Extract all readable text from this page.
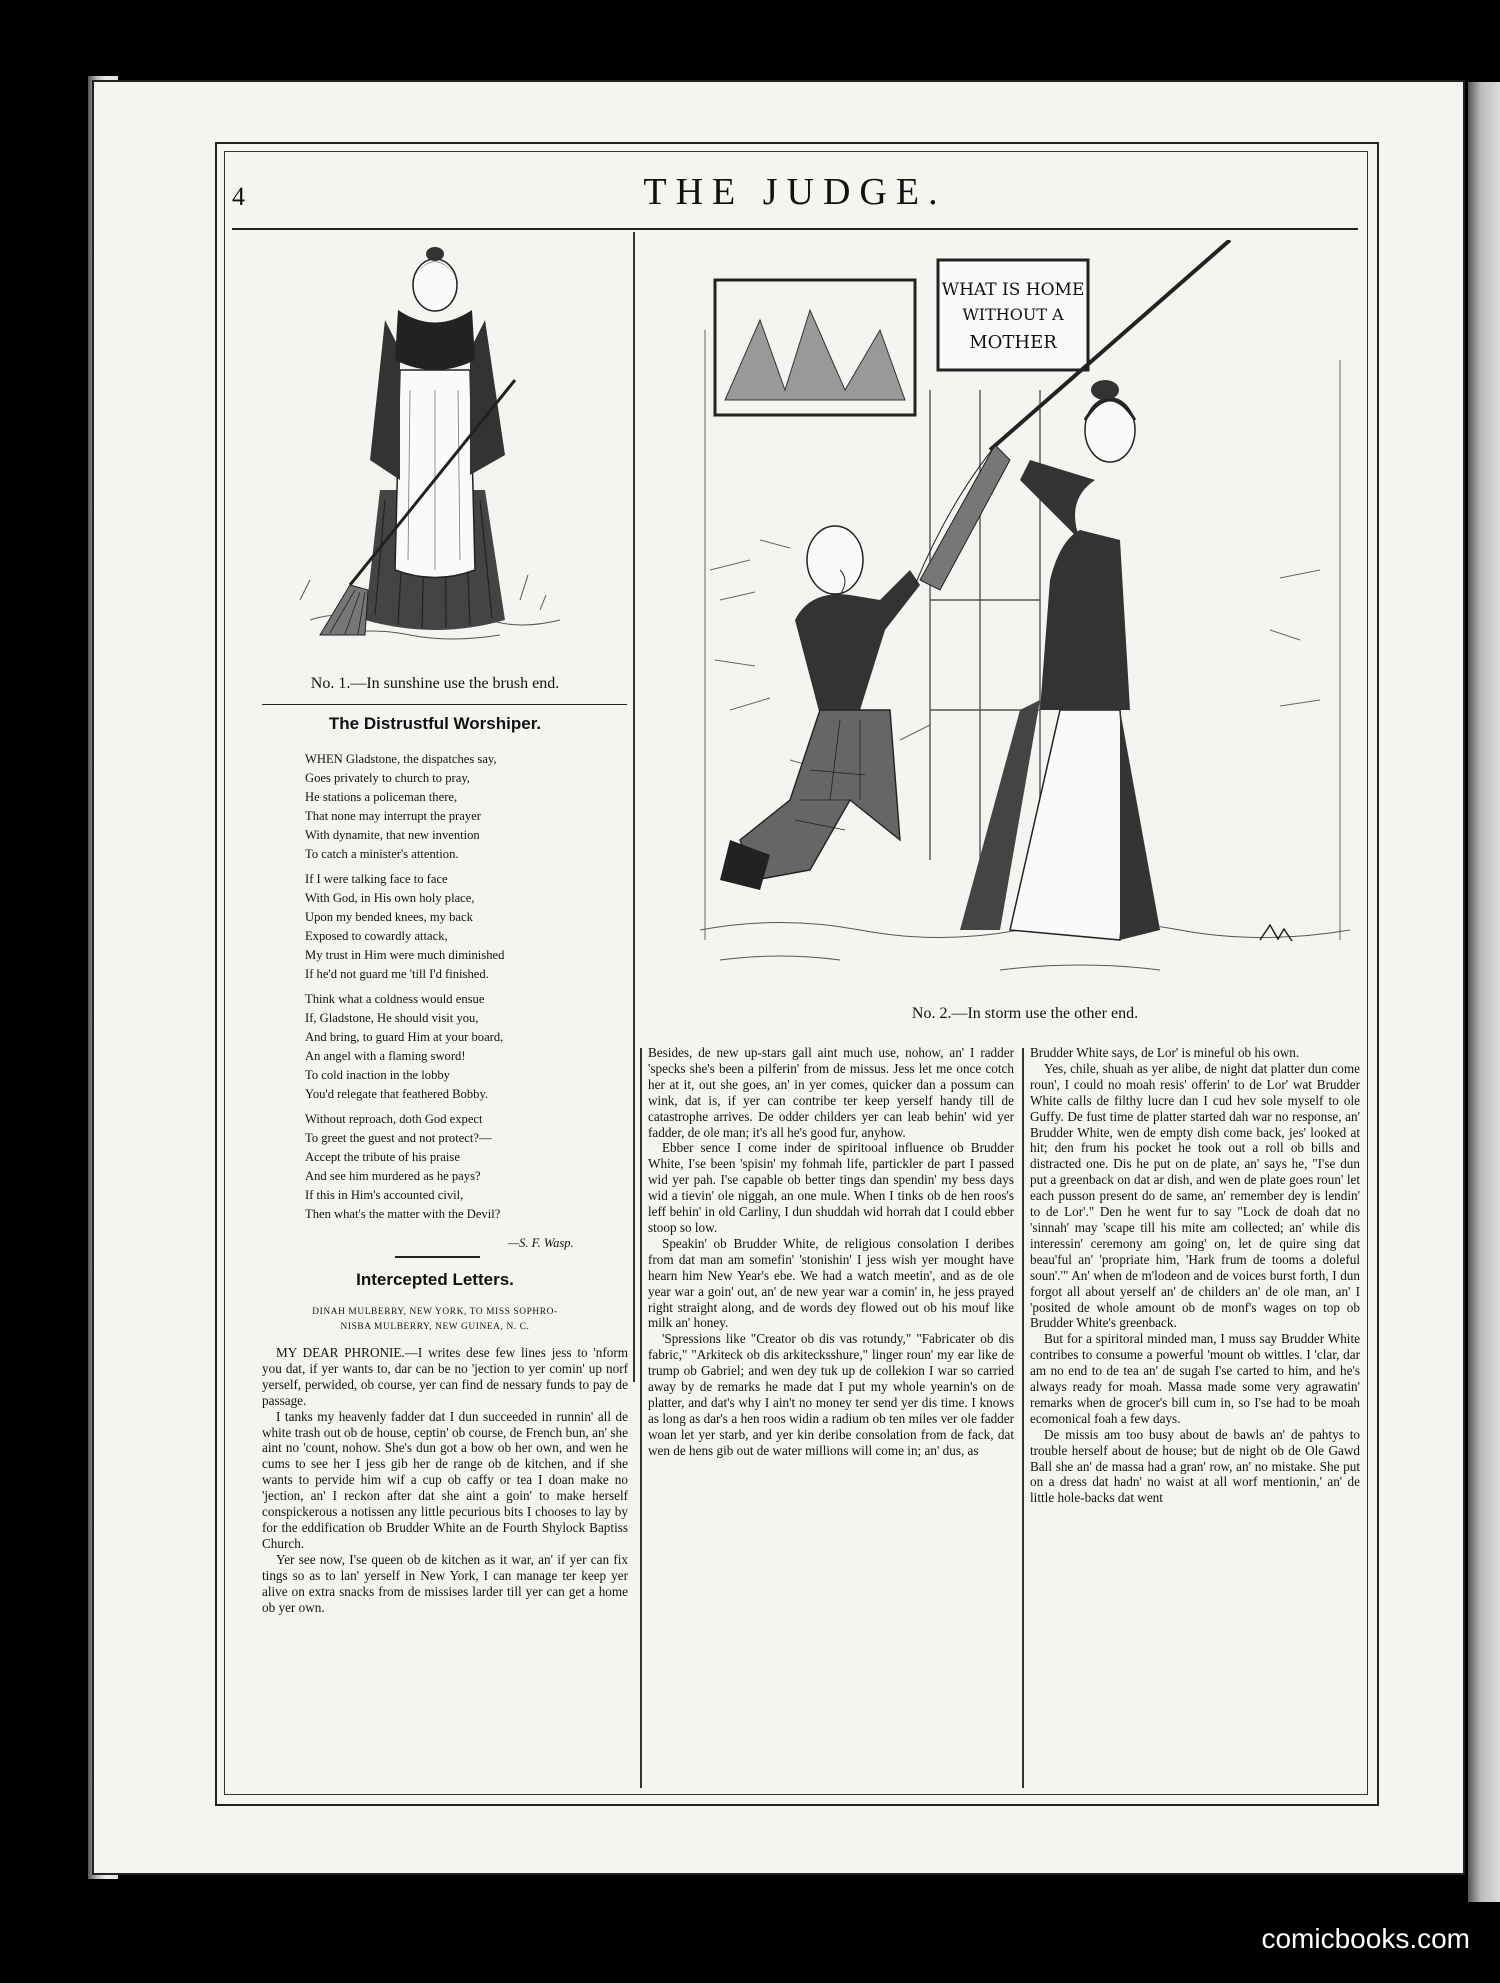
4	THE JUDGE.
No. 1.—In sunshine use the brush end.
The Distrustful Worshiper.

WHEN Gladstone, the dispatches say,
Goes privately to church to pray,
He stations a policeman there,
That none may interrupt the prayer
With dynamite, that new invention
To catch a minister's attention.

If I were talking face to face
With God, in His own holy place,
Upon my bended knees, my back
Exposed to cowardly attack,
My trust in Him were much diminished
If he'd not guard me 'till I'd finished.

Think what a coldness would ensue
If, Gladstone, He should visit you,
And bring, to guard Him at your board,
An angel with a flaming sword!
To cold inaction in the lobby
You'd relegate that feathered Bobby.

Without reproach, doth God expect
To greet the guest and not protect?—
Accept the tribute of his praise
And see him murdered as he pays?
If this in Him's accounted civil,
Then what's the matter with the Devil?

—S. F. Wasp.
Intercepted Letters.
DINAH MULBERRY, NEW YORK, TO MISS SOPHRO-
NISBA MULBERRY, NEW GUINEA, N. C.

MY DEAR PHRONIE.—I writes dese few lines jess to 'nform you dat, if yer wants to, dar can be no 'jection to yer comin' up norf yerself, perwided, ob course, yer can find de nessary funds to pay de passage.

I tanks my heavenly fadder dat I dun succeeded in runnin' all de white trash out ob de house, ceptin' ob course, de French bun, an' she aint no 'count, nohow. She's dun got a bow ob her own, and wen he cums to see her I jess gib her de range ob de kitchen, and if she wants to pervide him wif a cup ob caffy or tea I doan make no 'jection, an' I reckon after dat she aint a goin' to make herself conspickerous a notissen any little pecurious bits I chooses to lay by for the eddification ob Brudder White an de Fourth Shylock Baptiss Church.

Yer see now, I'se queen ob de kitchen as it war, an' if yer can fix tings so as to lan' yerself in New York, I can manage ter keep yer alive on extra snacks from de missises larder till yer can get a home ob yer own.

WHAT IS HOME
WITHOUT A
MOTHER
No. 2.—In storm use the other end.

Besides, de new up-stars gall aint much use, nohow, an' I radder 'specks she's been a pilferin' from de missus. Jess let me once cotch her at it, out she goes, an' in yer comes, quicker dan a possum can wink, dat is, if yer can contribe ter keep yerself handy till de catastrophe arrives. De odder childers yer can leab behin' wid yer fadder, de ole man; it's all he's good fur, anyhow.

Ebber sence I come inder de spiritooal influence ob Brudder White, I'se been 'spisin' my fohmah life, partickler de part I passed wid yer pah. I'se capable ob better tings dan spendin' my bess days wid a tievin' ole niggah, an one mule. When I tinks ob de hen roos's leff behin' in old Carliny, I dun shuddah wid horrah dat I could ebber stoop so low.

Speakin' ob Brudder White, de religious consolation I deribes from dat man am somefin' 'stonishin' I jess wish yer mought have hearn him New Year's ebe. We had a watch meetin', and as de ole year war a goin' out, an' de new year war a comin' in, he jess prayed right straight along, and de words dey flowed out ob his mouf like milk an' honey.

'Spressions like "Creator ob dis vas rotundy," "Fabricater ob dis fabric," "Arkiteck ob dis arkitecksshure," linger roun' my ear like de trump ob Gabriel; and wen dey tuk up de collekion I war so carried away by de remarks he made dat I put my whole yearnin's on de platter, and dat's why I ain't no money ter send yer dis time. I knows as long as dar's a hen roos widin a radium ob ten miles ver ole fadder woan let yer starb, and yer kin deribe consolation from de fack, dat wen de hens gib out de water millions will come in; an' dus, as

Brudder White says, de Lor' is mineful ob his own.

Yes, chile, shuah as yer alibe, de night dat platter dun come roun', I could no moah resis' offerin' to de Lor' wat Brudder White calls de filthy lucre dan I cud hev sole myself to ole Guffy. De fust time de platter started dah war no response, an' Brudder White, wen de empty dish come back, jes' looked at hit; den frum his pocket he took out a roll ob bills and distracted one. Dis he put on de plate, an' says he, "I'se dun put a greenback on dat ar dish, and wen de plate goes roun' let each pusson present do de same, an' remember dey is lendin' to de Lor'." Den he went fur to say "Lock de doah dat no 'sinnah' may 'scape till his mite am collected; an' while dis interessin' ceremony am going' on, let de quire sing dat beau'ful an' 'propriate him, 'Hark frum de tooms a doleful soun'.'" An' when de m'lodeon and de voices burst forth, I dun forgot all about yerself an' de childers an' de ole man, an' I 'posited de whole amount ob de monf's wages on top ob Brudder White's greenback.

But for a spiritoral minded man, I muss say Brudder White contribes to consume a powerful 'mount ob wittles. I 'clar, dar am no end to de tea an' de sugah I'se carted to him, and he's always ready for moah. Massa made some very agrawatin' remarks when de grocer's bill cum in, so I'se had to be moah ecomonical foah a few days.

De missis am too busy about de bawls an' de pahtys to trouble herself about de house; but de night ob de Ole Gawd Ball she an' de massa had a gran' row, an' no mistake. She put on a dress dat hadn' no waist at all worf mentionin,' an' de little hole-backs dat went

comicbooks.com
